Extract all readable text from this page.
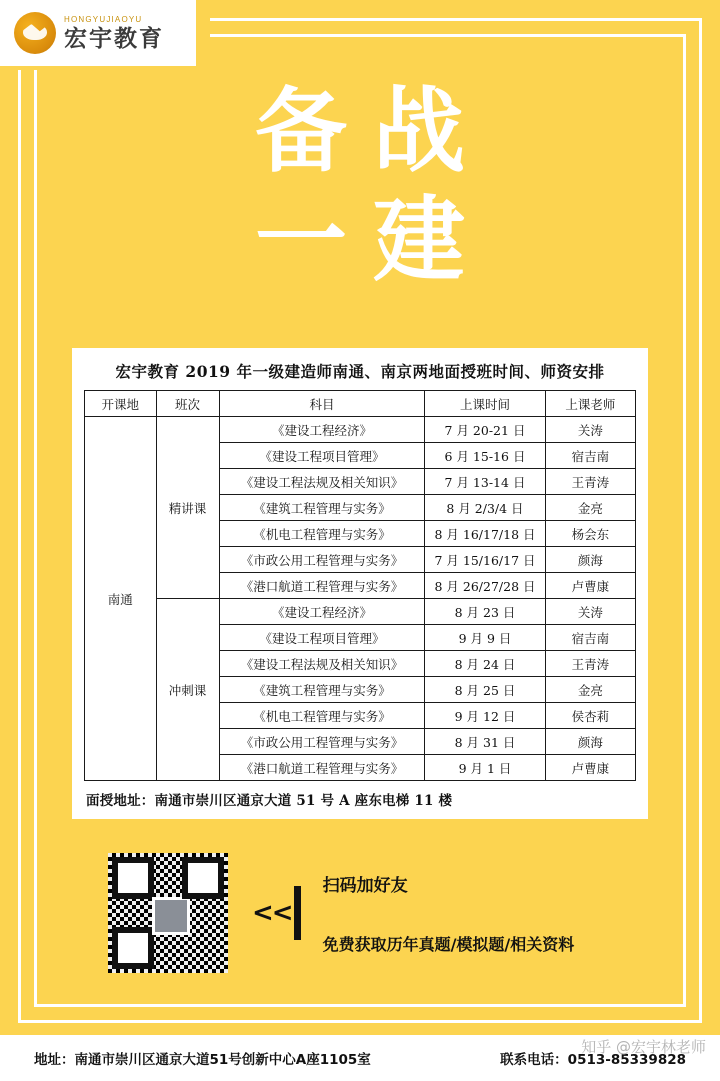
HONGYUJIAOYU
宏宇教育
备战
一建
宏宇教育 2019 年一级建造师南通、南京两地面授班时间、师资安排
开课地	班次	科目	上课时间	上课老师
南通	精讲课	《建设工程经济》	7 月 20-21 日	关涛
		《建设工程项目管理》	6 月 15-16 日	宿吉南
		《建设工程法规及相关知识》	7 月 13-14 日	王青涛
		《建筑工程管理与实务》	8 月 2/3/4 日	金亮
		《机电工程管理与实务》	8 月 16/17/18 日	杨会东
		《市政公用工程管理与实务》	7 月 15/16/17 日	颜海
		《港口航道工程管理与实务》	8 月 26/27/28 日	卢曹康
	冲刺课	《建设工程经济》	8 月 23 日	关涛
		《建设工程项目管理》	9 月 9 日	宿吉南
		《建设工程法规及相关知识》	8 月 24 日	王青涛
		《建筑工程管理与实务》	8 月 25 日	金亮
		《机电工程管理与实务》	9 月 12 日	侯杏莉
		《市政公用工程管理与实务》	8 月 31 日	颜海
		《港口航道工程管理与实务》	9 月 1 日	卢曹康
面授地址：南通市崇川区通京大道 51 号 A 座东电梯 11 楼
<<
扫码加好友
免费获取历年真题/模拟题/相关资料
知乎 @宏宇林老师
地址：南通市崇川区通京大道51号创新中心A座1105室	联系电话：0513-85339828
